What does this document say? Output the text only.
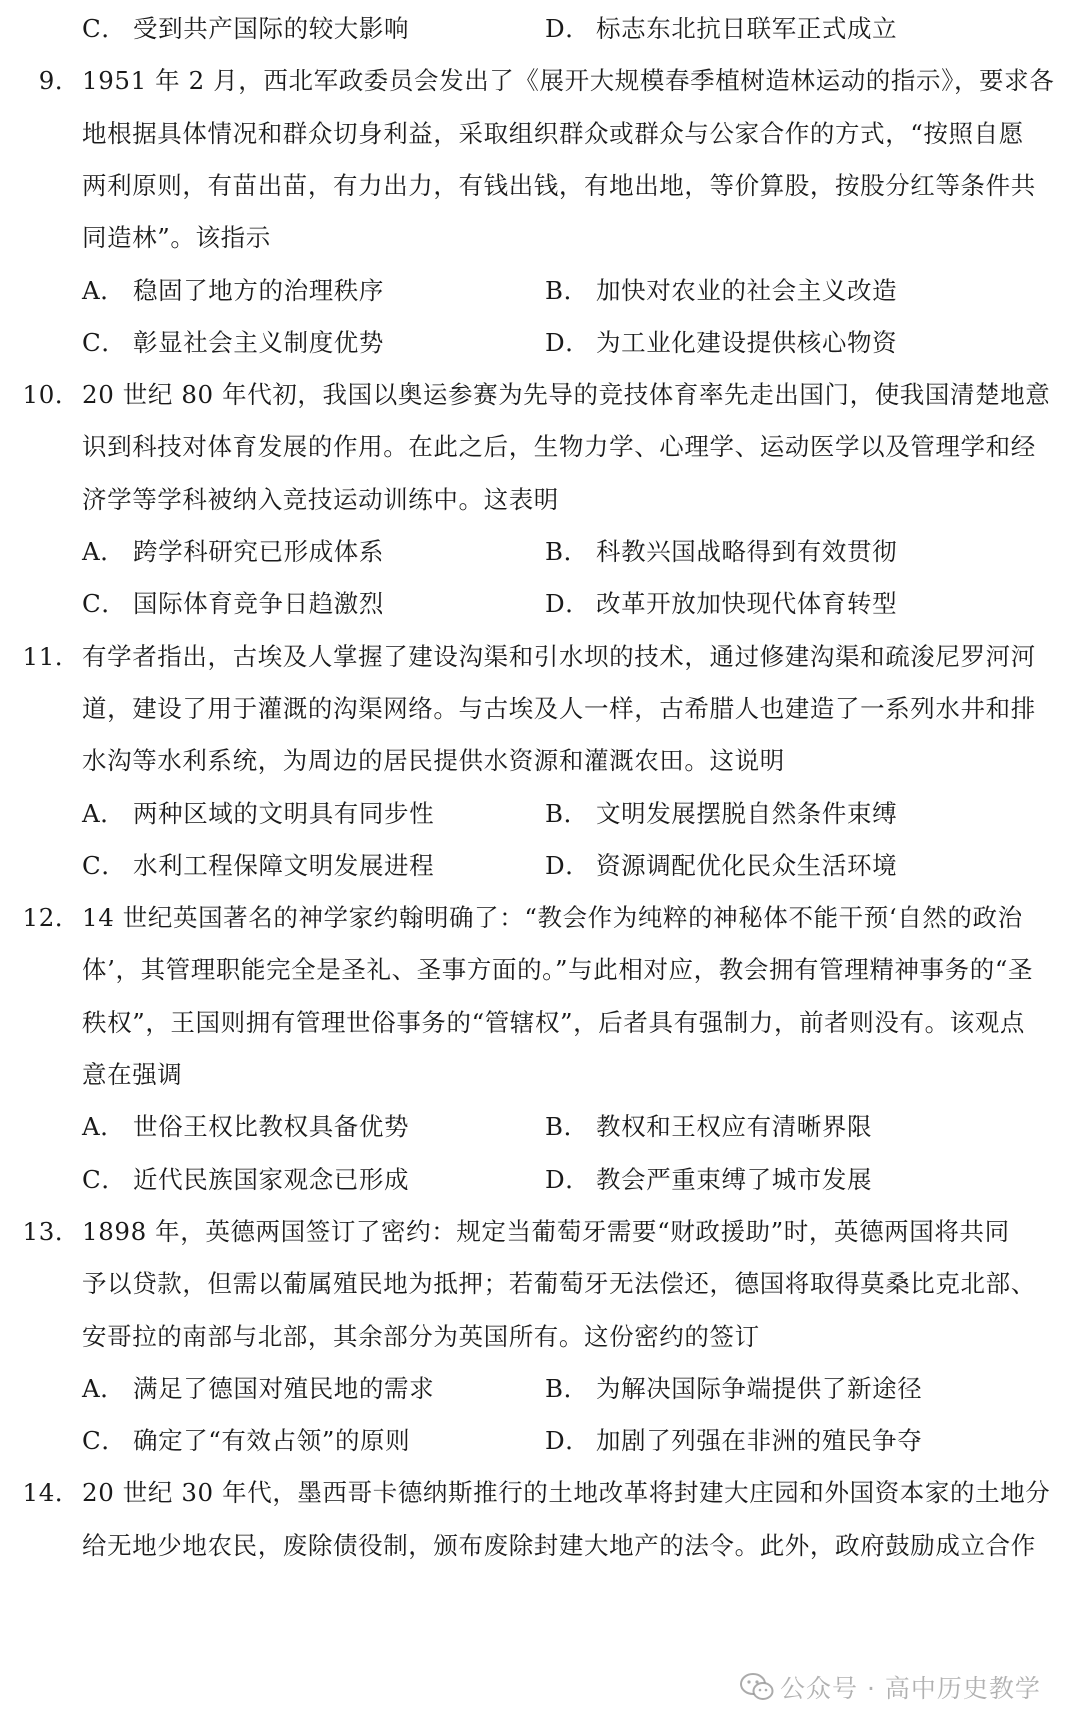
C． 受到共产国际的较大影响	D． 标志东北抗日联军正式成立
9． 1951 年 2 月，西北军政委员会发出了《展开大规模春季植树造林运动的指示》，要求各
地根据具体情况和群众切身利益，采取组织群众或群众与公家合作的方式，“按照自愿
两利原则，有苗出苗，有力出力，有钱出钱，有地出地，等价算股，按股分红等条件共
同造林”。该指示
A． 稳固了地方的治理秩序	B． 加快对农业的社会主义改造
C． 彰显社会主义制度优势	D． 为工业化建设提供核心物资
10． 20 世纪 80 年代初，我国以奥运参赛为先导的竞技体育率先走出国门，使我国清楚地意
识到科技对体育发展的作用。在此之后，生物力学、心理学、运动医学以及管理学和经
济学等学科被纳入竞技运动训练中。这表明
A． 跨学科研究已形成体系	B． 科教兴国战略得到有效贯彻
C． 国际体育竞争日趋激烈	D． 改革开放加快现代体育转型
11． 有学者指出，古埃及人掌握了建设沟渠和引水坝的技术，通过修建沟渠和疏浚尼罗河河
道，建设了用于灌溉的沟渠网络。与古埃及人一样，古希腊人也建造了一系列水井和排
水沟等水利系统，为周边的居民提供水资源和灌溉农田。这说明
A． 两种区域的文明具有同步性	B． 文明发展摆脱自然条件束缚
C． 水利工程保障文明发展进程	D． 资源调配优化民众生活环境
12． 14 世纪英国著名的神学家约翰明确了：“教会作为纯粹的神秘体不能干预‘自然的政治
体’，其管理职能完全是圣礼、圣事方面的。”与此相对应，教会拥有管理精神事务的“圣
秩权”，王国则拥有管理世俗事务的“管辖权”，后者具有强制力，前者则没有。该观点
意在强调
A． 世俗王权比教权具备优势	B． 教权和王权应有清晰界限
C． 近代民族国家观念已形成	D． 教会严重束缚了城市发展
13． 1898 年，英德两国签订了密约：规定当葡萄牙需要“财政援助”时，英德两国将共同
予以贷款，但需以葡属殖民地为抵押；若葡萄牙无法偿还，德国将取得莫桑比克北部、
安哥拉的南部与北部，其余部分为英国所有。这份密约的签订
A． 满足了德国对殖民地的需求	B． 为解决国际争端提供了新途径
C． 确定了“有效占领”的原则	D． 加剧了列强在非洲的殖民争夺
14． 20 世纪 30 年代，墨西哥卡德纳斯推行的土地改革将封建大庄园和外国资本家的土地分
给无地少地农民，废除债役制，颁布废除封建大地产的法令。此外，政府鼓励成立合作
公众号 · 高中历史教学
